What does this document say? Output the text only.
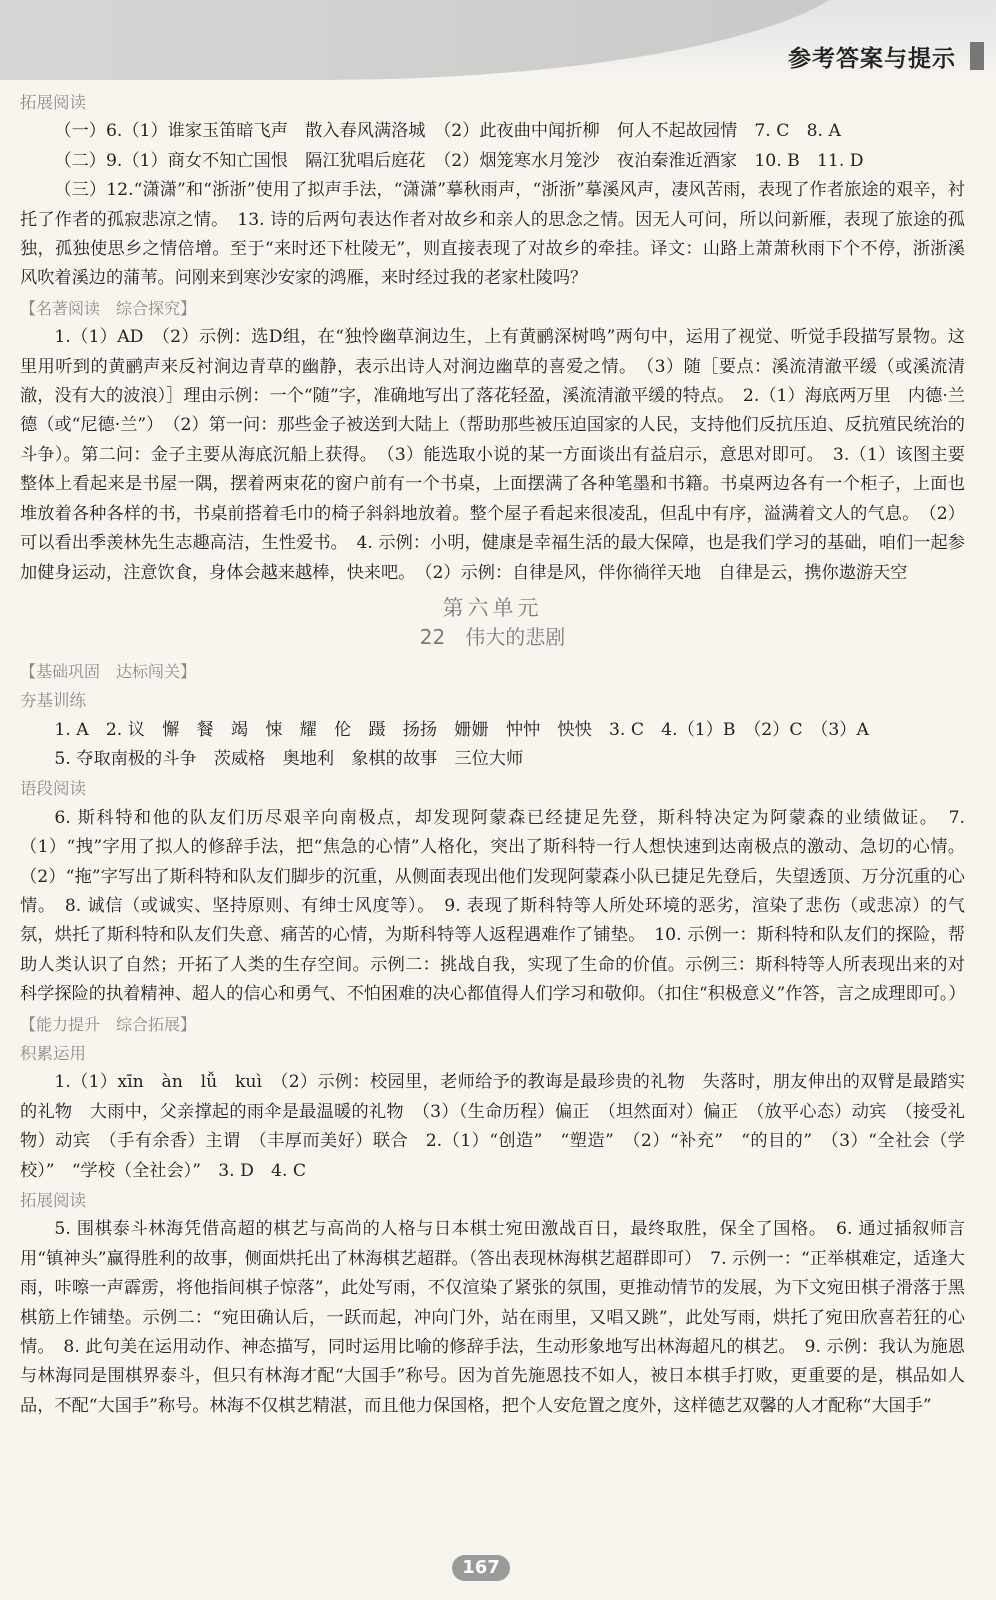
参考答案与提示

拓展阅读

（一）6.（1）谁家玉笛暗飞声　散入春风满洛城　（2）此夜曲中闻折柳　何人不起故园情　7. C　8. A

（二）9.（1）商女不知亡国恨　隔江犹唱后庭花　（2）烟笼寒水月笼沙　夜泊秦淮近酒家　10. B　11. D

（三）12.“潇潇”和“浙浙”使用了拟声手法，“潇潇”摹秋雨声，“浙浙”摹溪风声，凄风苦雨，表现了作者旅途的艰辛，衬托了作者的孤寂悲凉之情。　13. 诗的后两句表达作者对故乡和亲人的思念之情。因无人可问，所以问新雁，表现了旅途的孤独，孤独使思乡之情倍增。至于“来时还下杜陵无”，则直接表现了对故乡的牵挂。译文：山路上萧萧秋雨下个不停，浙浙溪风吹着溪边的蒲苇。问刚来到寒沙安家的鸿雁，来时经过我的老家杜陵吗？

【名著阅读　综合探究】

1.（1）AD　（2）示例：选D组，在“独怜幽草涧边生，上有黄鹂深树鸣”两句中，运用了视觉、听觉手段描写景物。这里用听到的黄鹂声来反衬涧边青草的幽静，表示出诗人对涧边幽草的喜爱之情。　（3）随［要点：溪流清澈平缓（或溪流清澈，没有大的波浪）］理由示例：一个“随”字，准确地写出了落花轻盈，溪流清澈平缓的特点。　2.（1）海底两万里　内德·兰德（或“尼德·兰”）　（2）第一问：那些金子被送到大陆上（帮助那些被压迫国家的人民，支持他们反抗压迫、反抗殖民统治的斗争）。第二问：金子主要从海底沉船上获得。　（3）能选取小说的某一方面谈出有益启示，意思对即可。　3.（1）该图主要整体上看起来是书屋一隅，摆着两束花的窗户前有一个书桌，上面摆满了各种笔墨和书籍。书桌两边各有一个柜子，上面也堆放着各种各样的书，书桌前搭着毛巾的椅子斜斜地放着。整个屋子看起来很凌乱，但乱中有序，溢满着文人的气息。　（2）可以看出季羡林先生志趣高洁，生性爱书。　4. 示例：小明，健康是幸福生活的最大保障，也是我们学习的基础，咱们一起参加健身运动，注意饮食，身体会越来越棒，快来吧。　（2）示例：自律是风，伴你徜徉天地　自律是云，携你遨游天空

第六单元

22　伟大的悲剧

【基础巩固　达标闯关】

夯基训练

1. A　2. 议　懈　餐　竭　悚　耀　伦　蹑　扬扬　姗姗　忡忡　怏怏　3. C　4.（1）B　（2）C　（3）A

5. 夺取南极的斗争　茨威格　奥地利　象棋的故事　三位大师

语段阅读

6. 斯科特和他的队友们历尽艰辛向南极点，却发现阿蒙森已经捷足先登，斯科特决定为阿蒙森的业绩做证。　7.（1）“拽”字用了拟人的修辞手法，把“焦急的心情”人格化，突出了斯科特一行人想快速到达南极点的激动、急切的心情。（2）“拖”字写出了斯科特和队友们脚步的沉重，从侧面表现出他们发现阿蒙森小队已捷足先登后，失望透顶、万分沉重的心情。　8. 诚信（或诚实、坚持原则、有绅士风度等）。　9. 表现了斯科特等人所处环境的恶劣，渲染了悲伤（或悲凉）的气氛，烘托了斯科特和队友们失意、痛苦的心情，为斯科特等人返程遇难作了铺垫。　10. 示例一：斯科特和队友们的探险，帮助人类认识了自然；开拓了人类的生存空间。示例二：挑战自我，实现了生命的价值。示例三：斯科特等人所表现出来的对科学探险的执着精神、超人的信心和勇气、不怕困难的决心都值得人们学习和敬仰。（扣住“积极意义”作答，言之成理即可。）

【能力提升　综合拓展】

积累运用

1.（1）xīn　àn　lǚ　kuì　（2）示例：校园里，老师给予的教诲是最珍贵的礼物　失落时，朋友伸出的双臂是最踏实的礼物　大雨中，父亲撑起的雨伞是最温暖的礼物　（3）（生命历程）偏正　（坦然面对）偏正　（放平心态）动宾　（接受礼物）动宾　（手有余香）主谓　（丰厚而美好）联合　2.（1）“创造”　“塑造”　（2）“补充”　“的目的”　（3）“全社会（学校）”　“学校（全社会）”　3. D　4. C

拓展阅读

5. 围棋泰斗林海凭借高超的棋艺与高尚的人格与日本棋士宛田激战百日，最终取胜，保全了国格。　6. 通过插叙师言用“镇神头”赢得胜利的故事，侧面烘托出了林海棋艺超群。（答出表现林海棋艺超群即可）　7. 示例一：“正举棋难定，适逢大雨，咔嚓一声霹雳，将他指间棋子惊落”，此处写雨，不仅渲染了紧张的氛围，更推动情节的发展，为下文宛田棋子滑落于黑棋筋上作铺垫。示例二：“宛田确认后，一跃而起，冲向门外，站在雨里，又唱又跳”，此处写雨，烘托了宛田欣喜若狂的心情。　8. 此句美在运用动作、神态描写，同时运用比喻的修辞手法，生动形象地写出林海超凡的棋艺。　9. 示例：我认为施恩与林海同是围棋界泰斗，但只有林海才配“大国手”称号。因为首先施恩技不如人，被日本棋手打败，更重要的是，棋品如人品，不配“大国手”称号。林海不仅棋艺精湛，而且他力保国格，把个人安危置之度外，这样德艺双馨的人才配称“大国手”

167
